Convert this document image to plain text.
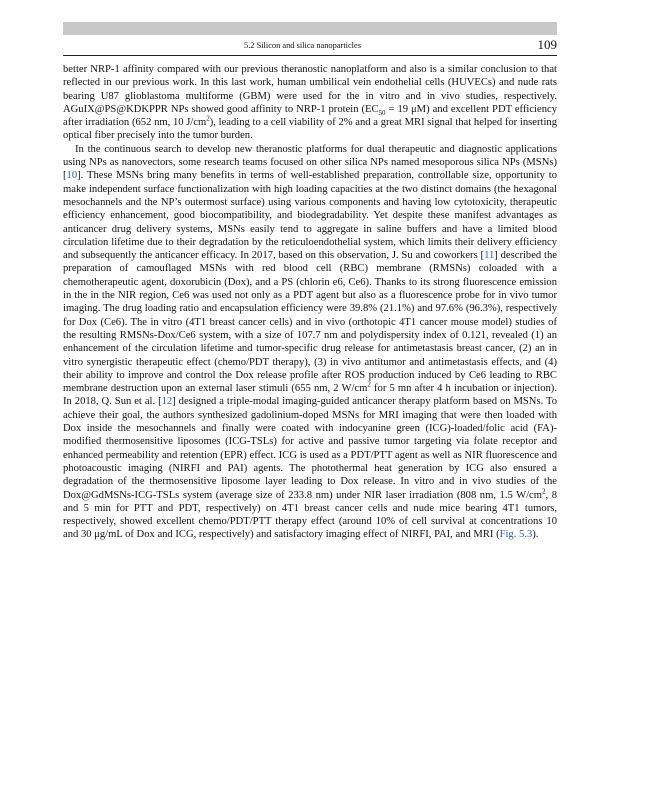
5.2 Silicon and silica nanoparticles	109

better NRP-1 affinity compared with our previous theranostic nanoplatform and also is a similar conclusion to that reflected in our previous work. In this last work, human umbilical vein endothelial cells (HUVECs) and nude rats bearing U87 glioblastoma multiforme (GBM) were used for the in vitro and in vivo studies, respectively. AGuIX@PS@KDKPPR NPs showed good affinity to NRP-1 protein ($EC_{50} = 19$ μM) and excellent PDT efficiency after irradiation (652 nm, 10 $J/cm^2$), leading to a cell viability of 2% and a great MRI signal that helped for inserting optical fiber precisely into the tumor burden.

In the continuous search to develop new theranostic platforms for dual therapeutic and diagnostic applications using NPs as nanovectors, some research teams focused on other silica NPs named mesoporous silica NPs (MSNs) [10]. These MSNs bring many benefits in terms of well-established preparation, controllable size, opportunity to make independent surface functionalization with high loading capacities at the two distinct domains (the hexagonal mesochannels and the NP’s outermost surface) using various components and having low cytotoxicity, therapeutic efficiency enhancement, good biocompatibility, and biodegradability. Yet despite these manifest advantages as anticancer drug delivery systems, MSNs easily tend to aggregate in saline buffers and have a limited blood circulation lifetime due to their degradation by the reticuloendothelial system, which limits their delivery efficiency and subsequently the anticancer efficacy. In 2017, based on this observation, J. Su and coworkers [11] described the preparation of camouflaged MSNs with red blood cell (RBC) membrane (RMSNs) coloaded with a chemotherapeutic agent, doxorubicin (Dox), and a PS (chlorin e6, Ce6). Thanks to its strong fluorescence emission in the in the NIR region, Ce6 was used not only as a PDT agent but also as a fluorescence probe for in vivo tumor imaging. The drug loading ratio and encapsulation efficiency were 39.8% (21.1%) and 97.6% (96.3%), respectively for Dox (Ce6). The in vitro (4T1 breast cancer cells) and in vivo (orthotopic 4T1 cancer mouse model) studies of the resulting RMSNs-Dox/Ce6 system, with a size of 107.7 nm and polydispersity index of 0.121, revealed (1) an enhancement of the circulation lifetime and tumor-specific drug release for antimetastasis breast cancer, (2) an in vitro synergistic therapeutic effect (chemo/PDT therapy), (3) in vivo antitumor and antimetastasis effects, and (4) their ability to improve and control the Dox release profile after ROS production induced by Ce6 leading to RBC membrane destruction upon an external laser stimuli (655 nm, 2 $W/cm^2$ for 5 mn after 4 h incubation or injection). In 2018, Q. Sun et al. [12] designed a triple-modal imaging-guided anticancer therapy platform based on MSNs. To achieve their goal, the authors synthesized gadolinium-doped MSNs for MRI imaging that were then loaded with Dox inside the mesochannels and finally were coated with indocyanine green (ICG)-loaded/folic acid (FA)-modified thermosensitive liposomes (ICG-TSLs) for active and passive tumor targeting via folate receptor and enhanced permeability and retention (EPR) effect. ICG is used as a PDT/PTT agent as well as NIR fluorescence and photoacoustic imaging (NIRFI and PAI) agents. The photothermal heat generation by ICG also ensured a degradation of the thermosensitive liposome layer leading to Dox release. In vitro and in vivo studies of the Dox@GdMSNs-ICG-TSLs system (average size of 233.8 nm) under NIR laser irradiation (808 nm, 1.5 $W/cm^2$, 8 and 5 min for PTT and PDT, respectively) on 4T1 breast cancer cells and nude mice bearing 4T1 tumors, respectively, showed excellent chemo/PDT/PTT therapy effect (around 10% of cell survival at concentrations 10 and 30 μg/mL of Dox and ICG, respectively) and satisfactory imaging effect of NIRFI, PAI, and MRI (Fig. 5.3).
